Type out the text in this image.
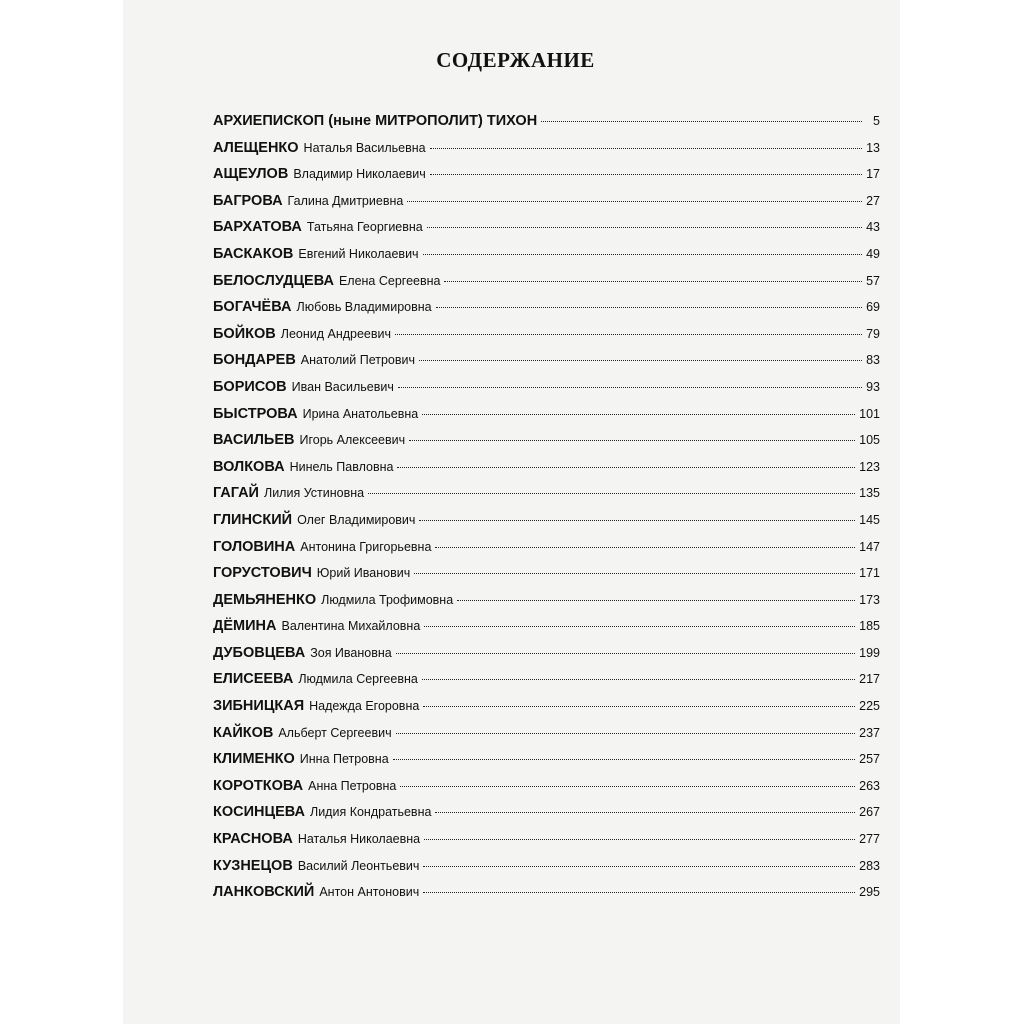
СОДЕРЖАНИЕ
АРХИЕПИСКОП (ныне МИТРОПОЛИТ) ТИХОН	5
АЛЕЩЕНКО Наталья Васильевна	13
АЩЕУЛОВ Владимир Николаевич	17
БАГРОВА Галина Дмитриевна	27
БАРХАТОВА Татьяна Георгиевна	43
БАСКАКОВ Евгений Николаевич	49
БЕЛОСЛУДЦЕВА Елена Сергеевна	57
БОГАЧЁВА Любовь Владимировна	69
БОЙКОВ Леонид Андреевич	79
БОНДАРЕВ Анатолий Петрович	83
БОРИСОВ Иван Васильевич	93
БЫСТРОВА Ирина Анатольевна	101
ВАСИЛЬЕВ Игорь Алексеевич	105
ВОЛКОВА Нинель Павловна	123
ГАГАЙ Лилия Устиновна	135
ГЛИНСКИЙ Олег Владимирович	145
ГОЛОВИНА Антонина Григорьевна	147
ГОРУСТОВИЧ Юрий Иванович	171
ДЕМЬЯНЕНКО Людмила Трофимовна	173
ДЁМИНА Валентина Михайловна	185
ДУБОВЦЕВА Зоя Ивановна	199
ЕЛИСЕЕВА Людмила Сергеевна	217
ЗИБНИЦКАЯ Надежда Егоровна	225
КАЙКОВ Альберт Сергеевич	237
КЛИМЕНКО Инна Петровна	257
КОРОТКОВА Анна Петровна	263
КОСИНЦЕВА Лидия Кондратьевна	267
КРАСНОВА Наталья Николаевна	277
КУЗНЕЦОВ Василий Леонтьевич	283
ЛАНКОВСКИЙ Антон Антонович	295
